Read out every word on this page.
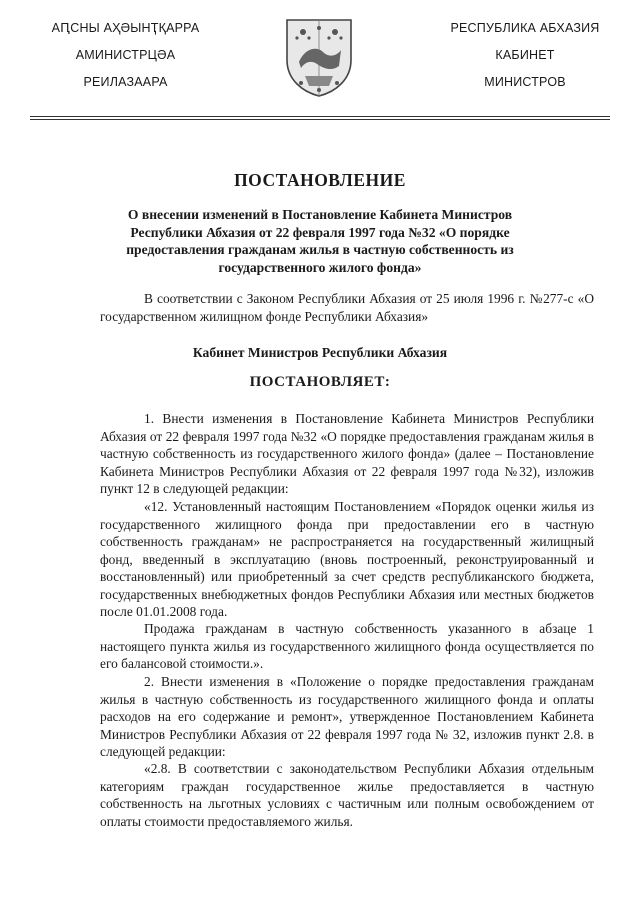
АԤСНЫ АҲӘЫНҬҚАРРА
АМИНИСТРЦӘА
РЕИЛАЗААРА
РЕСПУБЛИКА АБХАЗИЯ
КАБИНЕТ
МИНИСТРОВ
ПОСТАНОВЛЕНИЕ
О внесении изменений в Постановление Кабинета Министров Республики Абхазия от 22 февраля 1997 года №32 «О порядке предоставления гражданам жилья в частную собственность из государственного жилого фонда»

В соответствии с Законом Республики Абхазия от 25 июля 1996 г. №277-с «О государственном жилищном фонде Республики Абхазия»

Кабинет Министров Республики Абхазия
ПОСТАНОВЛЯЕТ:

1. Внести изменения в Постановление Кабинета Министров Республики Абхазия от 22 февраля 1997 года №32 «О порядке предоставления гражданам жилья в частную собственность из государственного жилого фонда» (далее – Постановление Кабинета Министров Республики Абхазия от 22 февраля 1997 года №32), изложив пункт 12 в следующей редакции:

«12. Установленный настоящим Постановлением «Порядок оценки жилья из государственного жилищного фонда при предоставлении его в частную собственность гражданам» не распространяется на государственный жилищный фонд, введенный в эксплуатацию (вновь построенный, реконструированный и восстановленный) или приобретенный за счет средств республиканского бюджета, государственных внебюджетных фондов Республики Абхазия или местных бюджетов после 01.01.2008 года.

Продажа гражданам в частную собственность указанного в абзаце 1 настоящего пункта жилья из государственного жилищного фонда осуществляется по его балансовой стоимости.».

2. Внести изменения в «Положение о порядке предоставления гражданам жилья в частную собственность из государственного жилищного фонда и оплаты расходов на его содержание и ремонт», утвержденное Постановлением Кабинета Министров Республики Абхазия от 22 февраля 1997 года № 32, изложив пункт 2.8. в следующей редакции:

«2.8. В соответствии с законодательством Республики Абхазия отдельным категориям граждан государственное жилье предоставляется в частную собственность на льготных условиях с частичным или полным освобождением от оплаты стоимости предоставляемого жилья.
